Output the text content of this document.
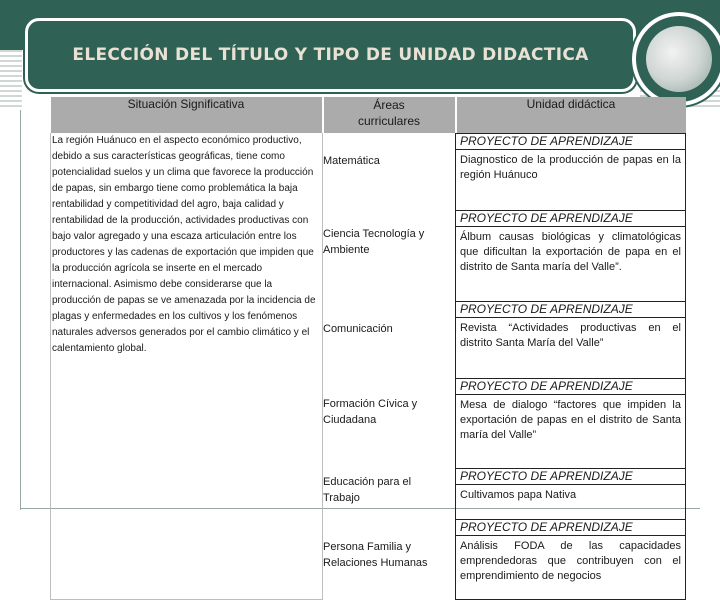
ELECCIÓN DEL TÍTULO Y TIPO DE UNIDAD DIDACTICA
Situación Significativa	Áreas curriculares	Unidad didáctica

La región Huánuco en el aspecto económico productivo, debido a sus características geográficas, tiene como potencialidad suelos y un clima que favorece la producción de papas, sin embargo tiene como problemática la baja rentabilidad y competitividad del agro, baja calidad y rentabilidad de la producción, actividades productivas con bajo valor agregado y una escaza articulación entre los productores y las cadenas de exportación que impiden que la producción agrícola se inserte en el mercado internacional. Asimismo debe considerarse que la producción de papas se ve amenazada por la incidencia de plagas y enfermedades en los cultivos y los fenómenos naturales adversos generados por el cambio climático y el calentamiento global.	Matemática	PROYECTO DE APRENDIZAJE
Diagnostico de la producción de papas en la región Huánuco

	Ciencia Tecnología y Ambiente	PROYECTO DE APRENDIZAJE
Álbum causas biológicas y climatológicas que dificultan la exportación de papa en el distrito de Santa maría del Valle”.

	Comunicación	PROYECTO DE APRENDIZAJE
Revista “Actividades productivas en el distrito Santa María del Valle”

	Formación Cívica y Ciudadana	PROYECTO DE APRENDIZAJE
Mesa de dialogo “factores que impiden la exportación de papas en el distrito de Santa maría del Valle”

	Educación para el Trabajo	PROYECTO DE APRENDIZAJE
Cultivamos papa Nativa

	Persona Familia y Relaciones Humanas	PROYECTO DE APRENDIZAJE
Análisis FODA de las capacidades emprendedoras que contribuyen con el emprendimiento de negocios
